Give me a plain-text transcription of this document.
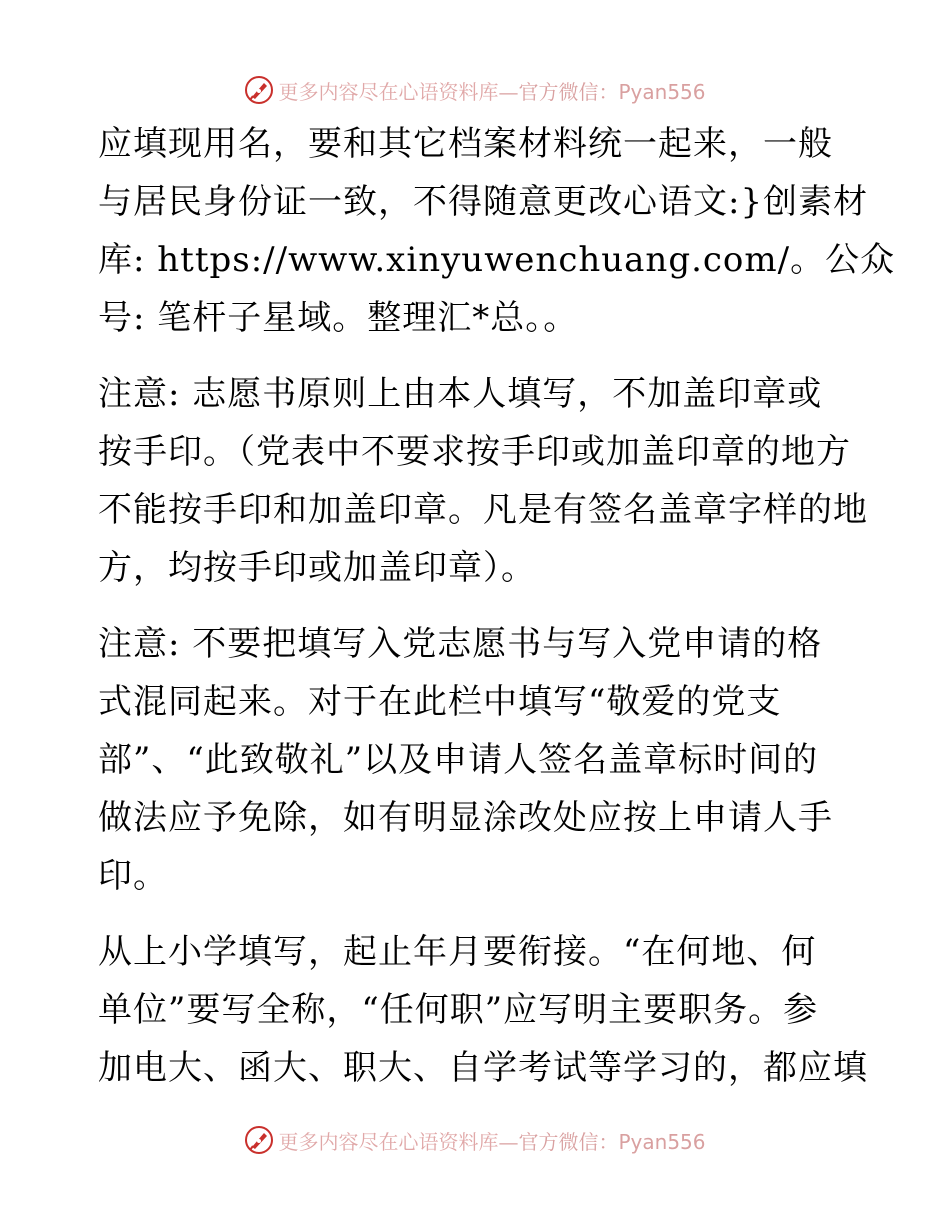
更多内容尽在心语资料库—官方微信：Pyan556
应填现用名，要和其它档案材料统一起来，一般
与居民身份证一致，不得随意更改心语文:}创素材
库: https://www.xinyuwenchuang.com/。公众
号: 笔杆子星域。整理汇*总。。
注意: 志愿书原则上由本人填写，不加盖印章或
按手印。（党表中不要求按手印或加盖印章的地方
不能按手印和加盖印章。凡是有签名盖章字样的地
方，均按手印或加盖印章）。
注意: 不要把填写入党志愿书与写入党申请的格
式混同起来。对于在此栏中填写“敬爱的党支
部”、“此致敬礼”以及申请人签名盖章标时间的
做法应予免除，如有明显涂改处应按上申请人手
印。
从上小学填写，起止年月要衔接。“在何地、何
单位”要写全称，“任何职”应写明主要职务。参
加电大、函大、职大、自学考试等学习的，都应填
更多内容尽在心语资料库—官方微信：Pyan556
